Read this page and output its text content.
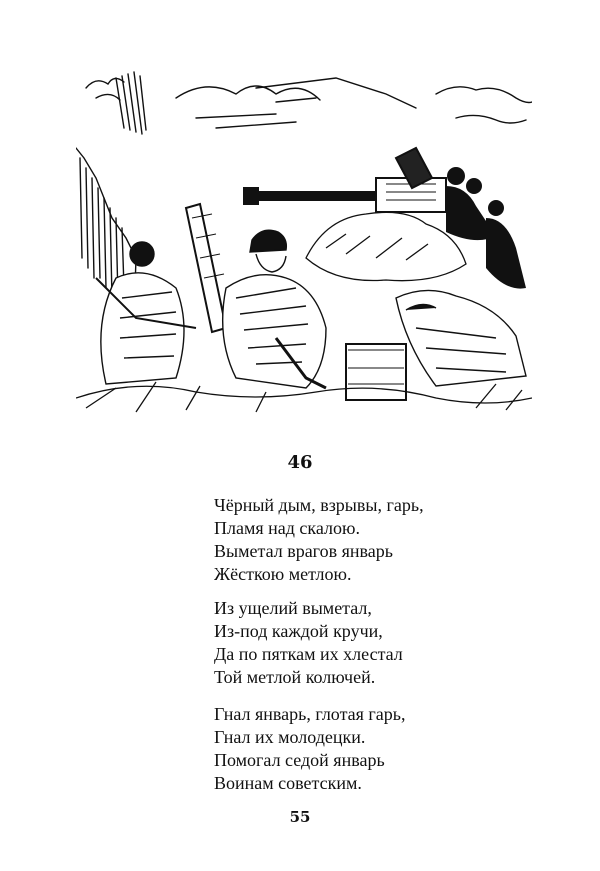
46
Чёрный дым, взрывы, гарь,
Пламя над скалою.
Выметал врагов январь
Жёсткою метлою.
Из ущелий выметал,
Из-под каждой кручи,
Да по пяткам их хлестал
Той метлой колючей.
Гнал январь, глотая гарь,
Гнал их молодецки.
Помогал седой январь
Воинам советским.
55
